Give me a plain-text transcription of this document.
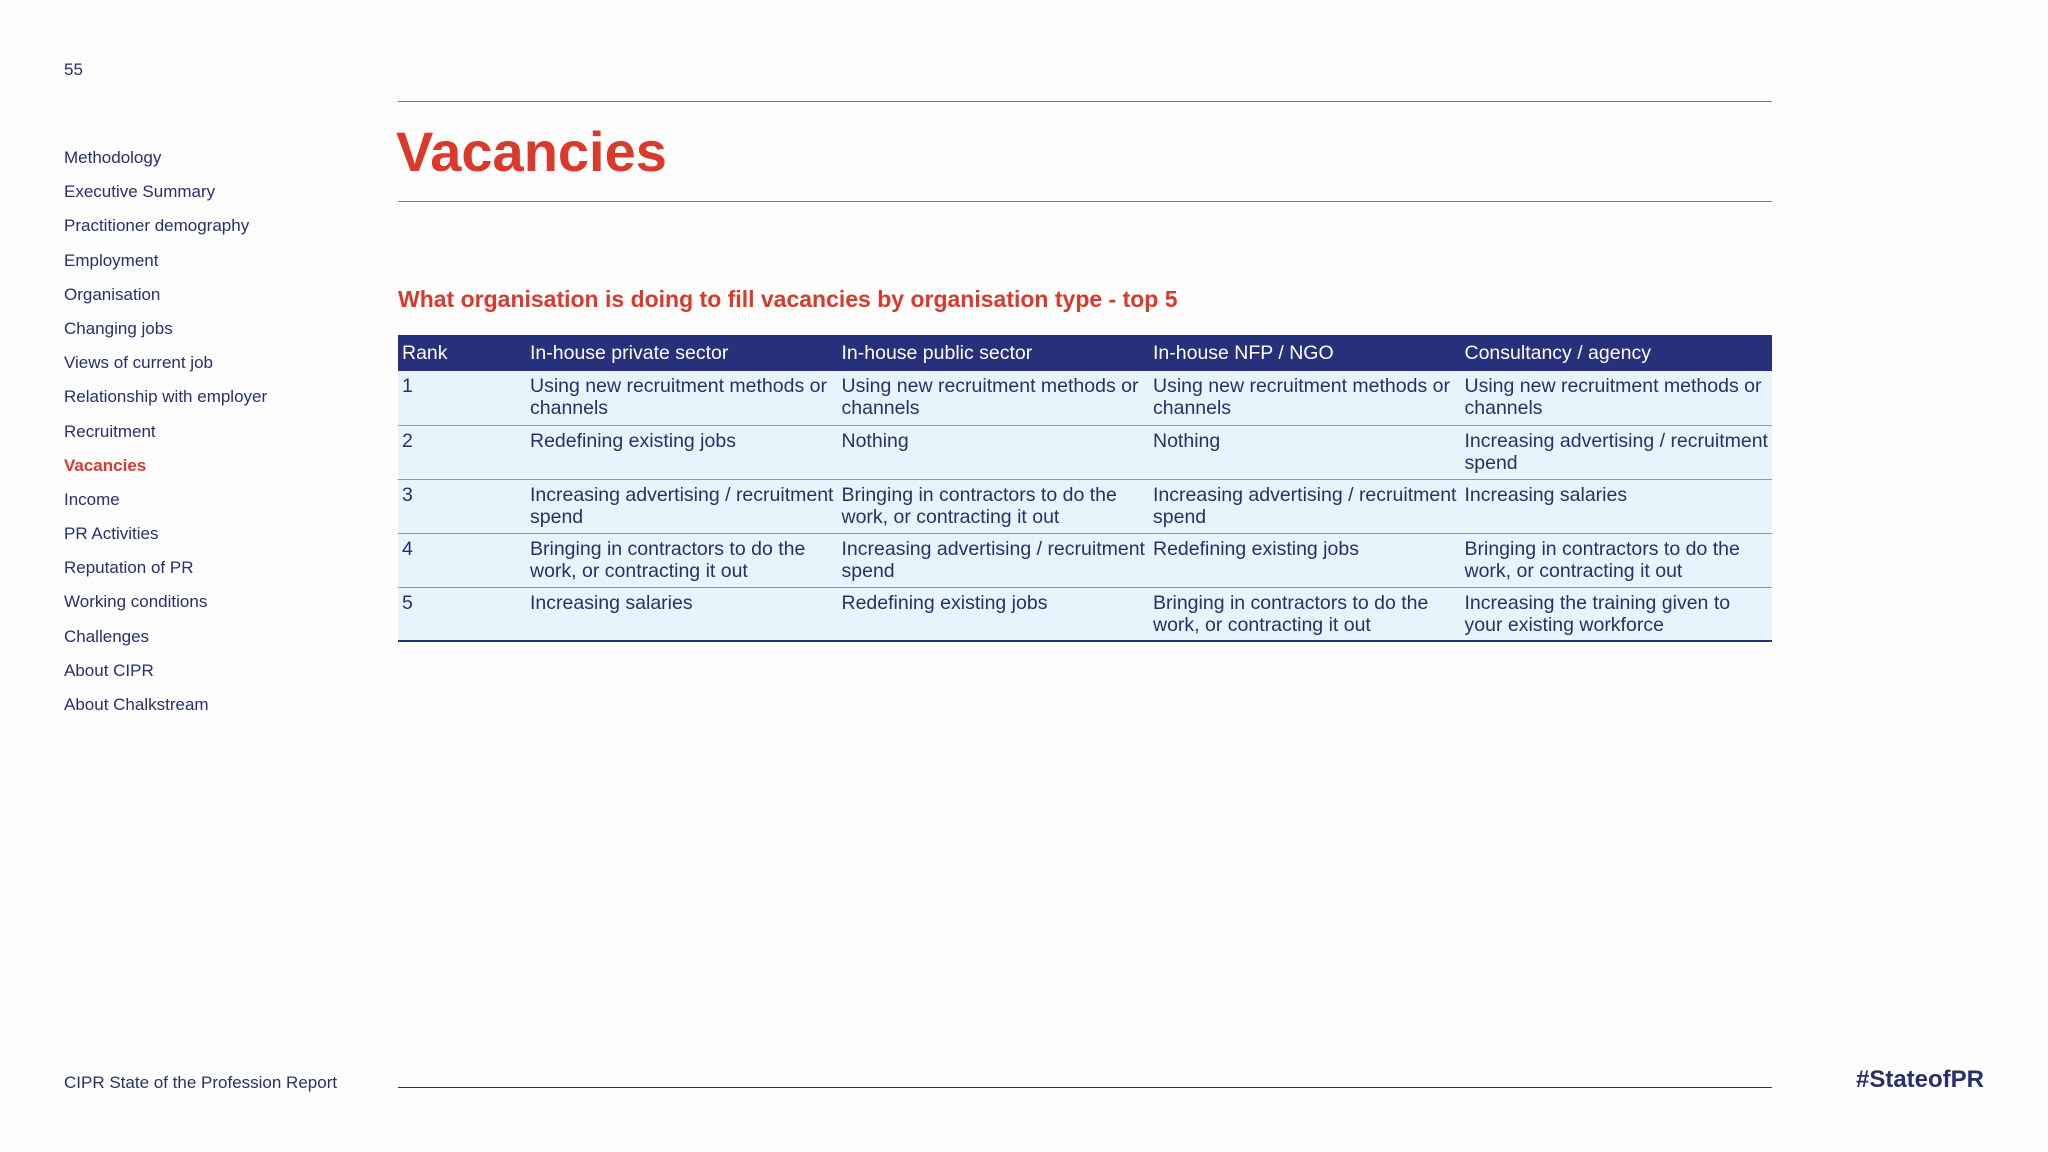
55
Methodology
Executive Summary
Practitioner demography
Employment
Organisation
Changing jobs
Views of current job
Relationship with employer
Recruitment
Vacancies
Income
PR Activities
Reputation of PR
Working conditions
Challenges
About CIPR
About Chalkstream
Vacancies
What organisation is doing to fill vacancies by organisation type - top 5
Rank	In-house private sector	In-house public sector	In-house NFP / NGO	Consultancy / agency
1	Using new recruitment methods or channels	Using new recruitment methods or channels	Using new recruitment methods or channels	Using new recruitment methods or channels
2	Redefining existing jobs	Nothing	Nothing	Increasing advertising / recruitment spend
3	Increasing advertising / recruitment spend	Bringing in contractors to do the work, or contracting it out	Increasing advertising / recruitment spend	Increasing salaries
4	Bringing in contractors to do the work, or contracting it out	Increasing advertising / recruitment spend	Redefining existing jobs	Bringing in contractors to do the work, or contracting it out
5	Increasing salaries	Redefining existing jobs	Bringing in contractors to do the work, or contracting it out	Increasing the training given to your existing workforce
CIPR State of the Profession Report	#StateofPR
